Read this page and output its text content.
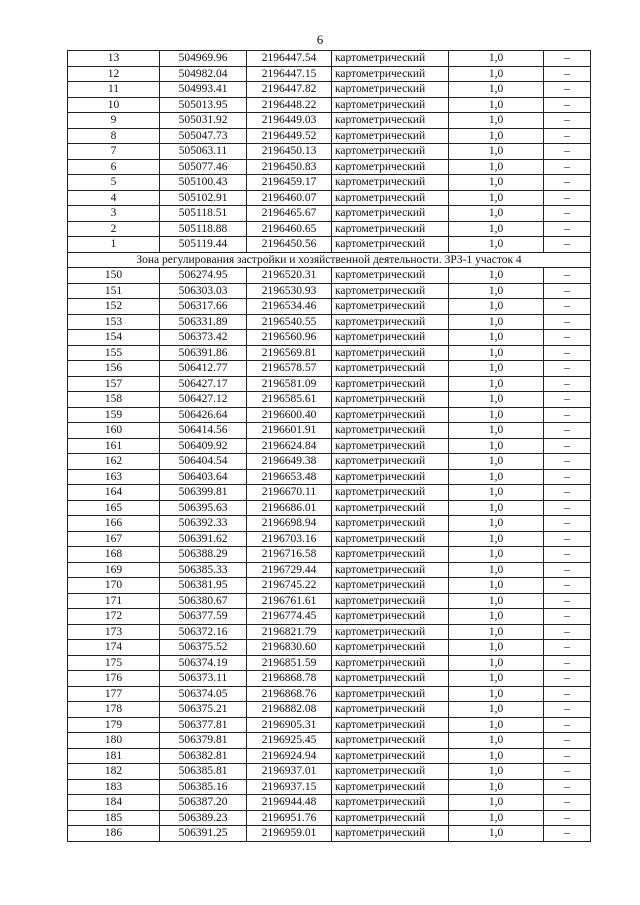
6
13	504969.96	2196447.54	картометрический	1,0	–
12	504982.04	2196447.15	картометрический	1,0	–
11	504993.41	2196447.82	картометрический	1,0	–
10	505013.95	2196448.22	картометрический	1,0	–
9	505031.92	2196449.03	картометрический	1,0	–
8	505047.73	2196449.52	картометрический	1,0	–
7	505063.11	2196450.13	картометрический	1,0	–
6	505077.46	2196450.83	картометрический	1,0	–
5	505100.43	2196459.17	картометрический	1,0	–
4	505102.91	2196460.07	картометрический	1,0	–
3	505118.51	2196465.67	картометрический	1,0	–
2	505118.88	2196460.65	картометрический	1,0	–
1	505119.44	2196450.56	картометрический	1,0	–
Зона регулирования застройки и хозяйственной деятельности. ЗРЗ-1 участок 4					
150	506274.95	2196520.31	картометрический	1,0	–
151	506303.03	2196530.93	картометрический	1,0	–
152	506317.66	2196534.46	картометрический	1,0	–
153	506331.89	2196540.55	картометрический	1,0	–
154	506373.42	2196560.96	картометрический	1,0	–
155	506391.86	2196569.81	картометрический	1,0	–
156	506412.77	2196578.57	картометрический	1,0	–
157	506427.17	2196581.09	картометрический	1,0	–
158	506427.12	2196585.61	картометрический	1,0	–
159	506426.64	2196600.40	картометрический	1,0	–
160	506414.56	2196601.91	картометрический	1,0	–
161	506409.92	2196624.84	картометрический	1,0	–
162	506404.54	2196649.38	картометрический	1,0	–
163	506403.64	2196653.48	картометрический	1,0	–
164	506399.81	2196670.11	картометрический	1,0	–
165	506395.63	2196686.01	картометрический	1,0	–
166	506392.33	2196698.94	картометрический	1,0	–
167	506391.62	2196703.16	картометрический	1,0	–
168	506388.29	2196716.58	картометрический	1,0	–
169	506385.33	2196729.44	картометрический	1,0	–
170	506381.95	2196745.22	картометрический	1,0	–
171	506380.67	2196761.61	картометрический	1,0	–
172	506377.59	2196774.45	картометрический	1,0	–
173	506372.16	2196821.79	картометрический	1,0	–
174	506375.52	2196830.60	картометрический	1,0	–
175	506374.19	2196851.59	картометрический	1,0	–
176	506373.11	2196868.78	картометрический	1,0	–
177	506374.05	2196868.76	картометрический	1,0	–
178	506375.21	2196882.08	картометрический	1,0	–
179	506377.81	2196905.31	картометрический	1,0	–
180	506379.81	2196925.45	картометрический	1,0	–
181	506382.81	2196924.94	картометрический	1,0	–
182	506385.81	2196937.01	картометрический	1,0	–
183	506385.16	2196937.15	картометрический	1,0	–
184	506387.20	2196944.48	картометрический	1,0	–
185	506389.23	2196951.76	картометрический	1,0	–
186	506391.25	2196959.01	картометрический	1,0	–
